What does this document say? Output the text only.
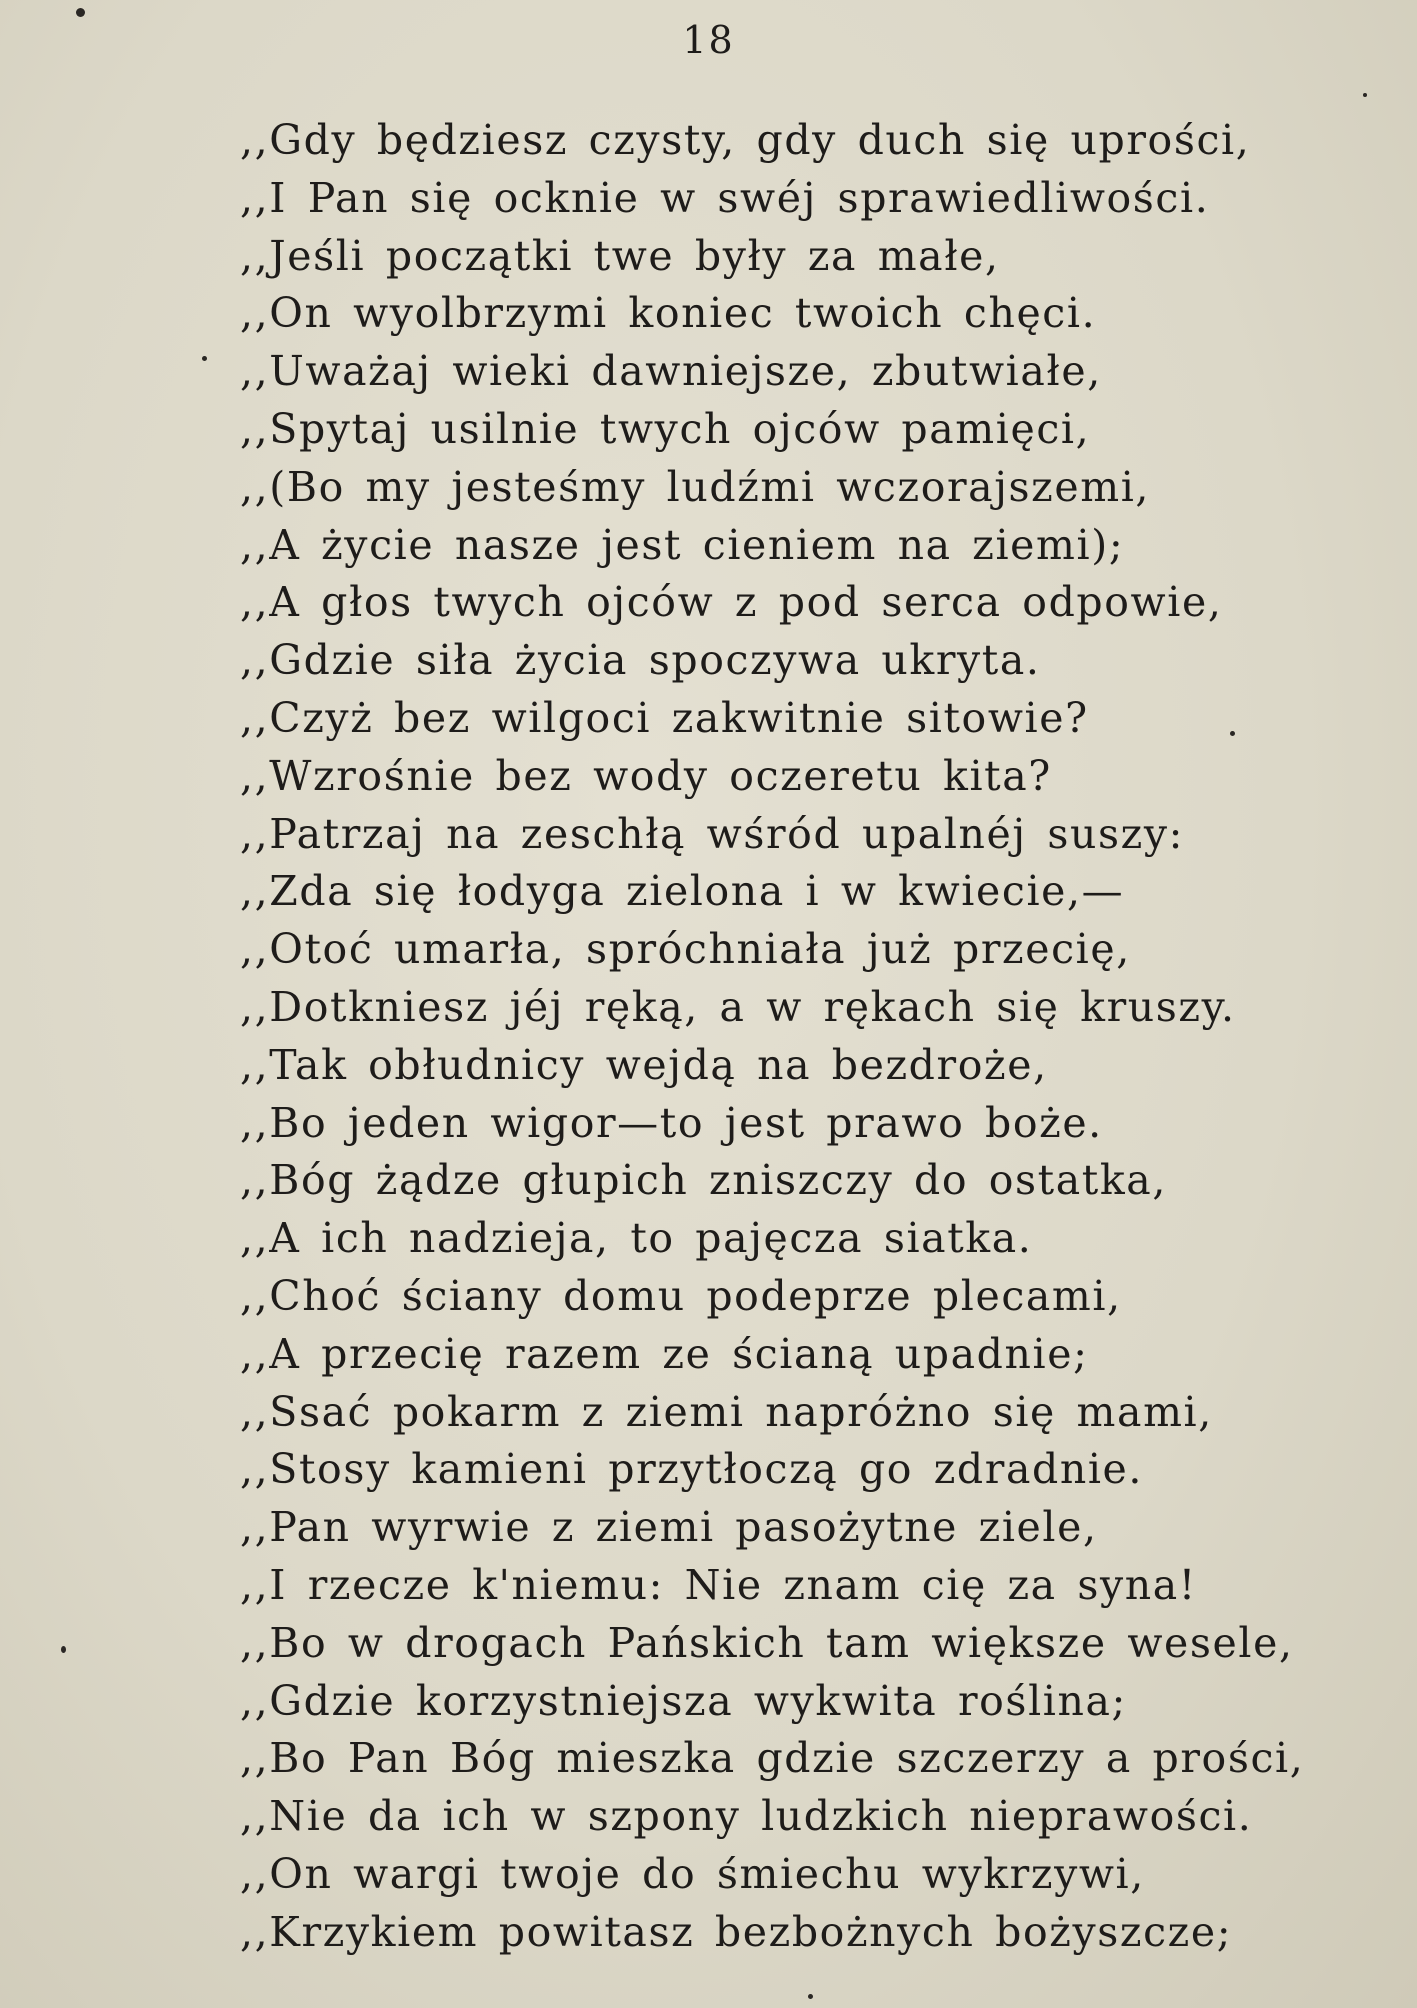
18
,,Gdy będziesz czysty, gdy duch się uprości,
,,I Pan się ocknie w swéj sprawiedliwości.
,,Jeśli początki twe były za małe,
,,On wyolbrzymi koniec twoich chęci.
,,Uważaj wieki dawniejsze, zbutwiałe,
,,Spytaj usilnie twych ojców pamięci,
,,(Bo my jesteśmy ludźmi wczorajszemi,
,,A życie nasze jest cieniem na ziemi);
,,A głos twych ojców z pod serca odpowie,
,,Gdzie siła życia spoczywa ukryta.
,,Czyż bez wilgoci zakwitnie sitowie?
,,Wzrośnie bez wody oczeretu kita?
,,Patrzaj na zeschłą wśród upalnéj suszy:
,,Zda się łodyga zielona i w kwiecie,—
,,Otoć umarła, spróchniała już przecię,
,,Dotkniesz jéj ręką, a w rękach się kruszy.
,,Tak obłudnicy wejdą na bezdroże,
,,Bo jeden wigor—to jest prawo boże.
,,Bóg żądze głupich zniszczy do ostatka,
,,A ich nadzieja, to pajęcza siatka.
,,Choć ściany domu podeprze plecami,
,,A przecię razem ze ścianą upadnie;
,,Ssać pokarm z ziemi napróżno się mami,
,,Stosy kamieni przytłoczą go zdradnie.
,,Pan wyrwie z ziemi pasożytne ziele,
,,I rzecze k'niemu: Nie znam cię za syna!
,,Bo w drogach Pańskich tam większe wesele,
,,Gdzie korzystniejsza wykwita roślina;
,,Bo Pan Bóg mieszka gdzie szczerzy a prości,
,,Nie da ich w szpony ludzkich nieprawości.
,,On wargi twoje do śmiechu wykrzywi,
,,Krzykiem powitasz bezbożnych bożyszcze;
